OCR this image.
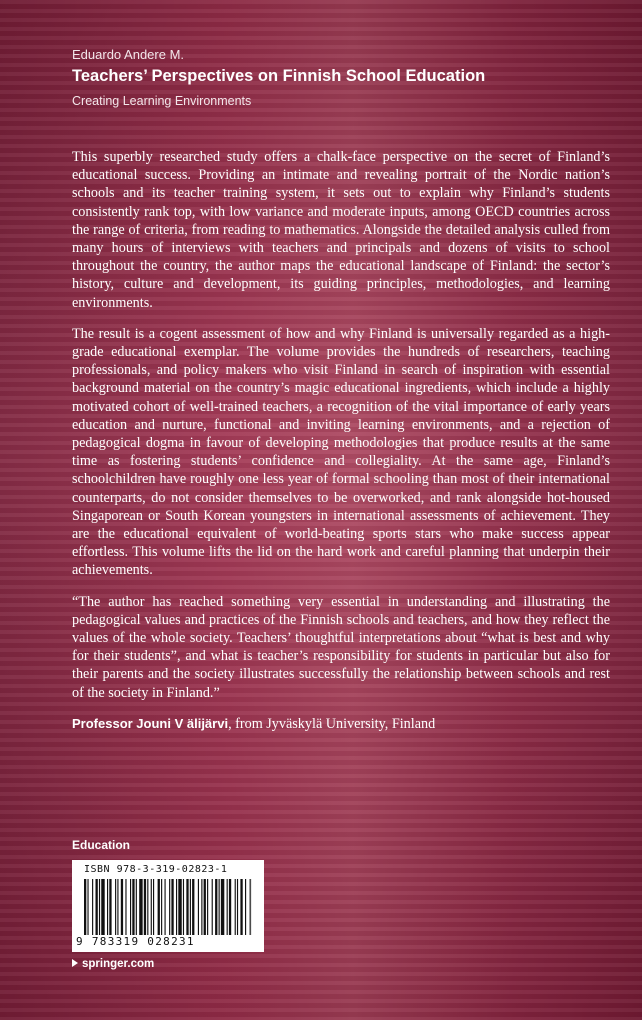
Eduardo Andere M.
Teachers’ Perspectives on Finnish School Education
Creating Learning Environments

This superbly researched study offers a chalk-face perspective on the secret of Finland’s educational success. Providing an intimate and revealing portrait of the Nordic nation’s schools and its teacher training system, it sets out to explain why Finland’s students consistently rank top, with low variance and moderate inputs, among OECD countries across the range of criteria, from reading to mathematics. Alongside the detailed analysis culled from many hours of interviews with teachers and principals and dozens of visits to school throughout the country, the author maps the educational landscape of Finland: the sector’s history, culture and development, its guiding principles, methodologies, and learning environments.

The result is a cogent assessment of how and why Finland is universally regarded as a high-grade educational exemplar. The volume provides the hundreds of researchers, teaching professionals, and policy makers who visit Finland in search of inspiration with essential background material on the country’s magic educational ingredients, which include a highly motivated cohort of well-trained teachers, a recognition of the vital importance of early years education and nurture, functional and inviting learning environments, and a rejection of pedagogical dogma in favour of developing methodologies that produce results at the same time as fostering students’ confidence and collegiality. At the same age, Finland’s schoolchildren have roughly one less year of formal schooling than most of their international counterparts, do not consider themselves to be overworked, and rank alongside hot-housed Singaporean or South Korean youngsters in international assessments of achievement. They are the educational equivalent of world-beating sports stars who make success appear effortless. This volume lifts the lid on the hard work and careful planning that underpin their achievements.

“The author has reached something very essential in understanding and illustrating the pedagogical values and practices of the Finnish schools and teachers, and how they reflect the values of the whole society. Teachers’ thoughtful interpretations about “what is best and why for their students”, and what is teacher’s responsibility for students in particular but also for their parents and the society illustrates successfully the relationship between schools and rest of the society in Finland.”

Professor Jouni V älijärvi, from Jyväskylä University, Finland

Education
ISBN 978-3-319-02823-1
9 783319 028231
springer.com
